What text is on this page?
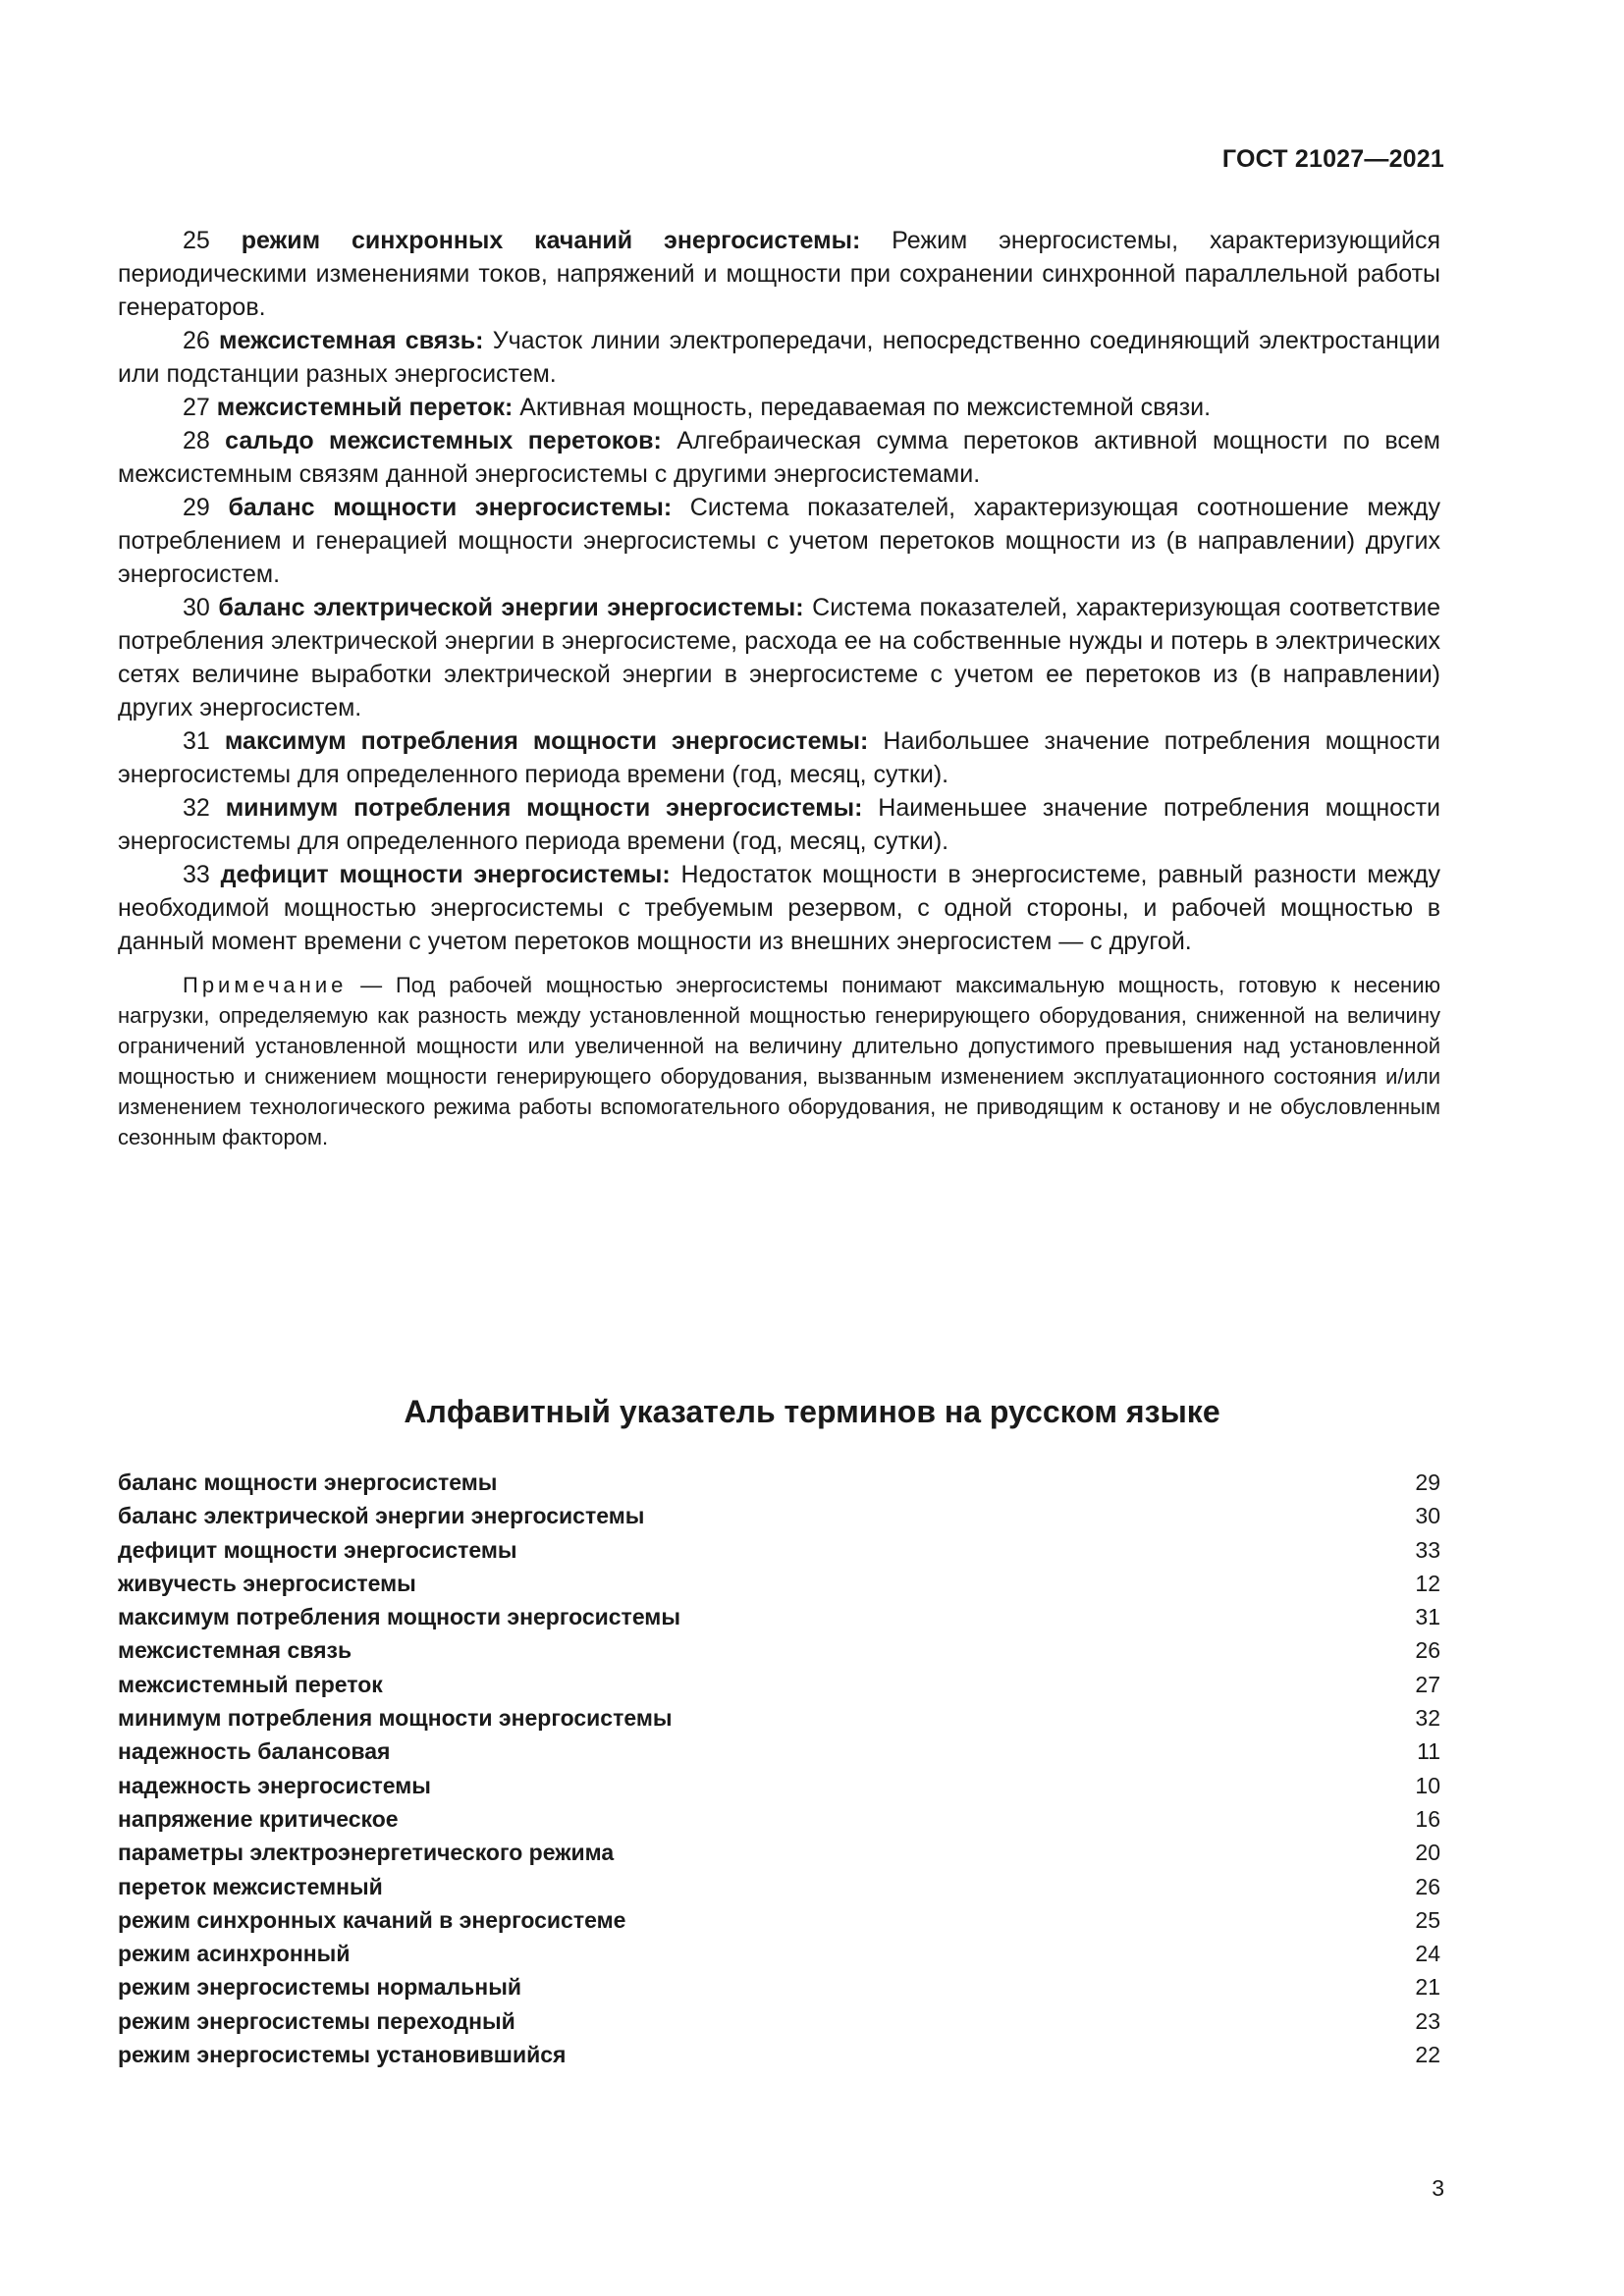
ГОСТ 21027—2021

25 режим синхронных качаний энергосистемы: Режим энергосистемы, характеризующийся периодическими изменениями токов, напряжений и мощности при сохранении синхронной параллельной работы генераторов.

26 межсистемная связь: Участок линии электропередачи, непосредственно соединяющий электростанции или подстанции разных энергосистем.

27 межсистемный переток: Активная мощность, передаваемая по межсистемной связи.

28 сальдо межсистемных перетоков: Алгебраическая сумма перетоков активной мощности по всем межсистемным связям данной энергосистемы с другими энергосистемами.

29 баланс мощности энергосистемы: Система показателей, характеризующая соотношение между потреблением и генерацией мощности энергосистемы с учетом перетоков мощности из (в направлении) других энергосистем.

30 баланс электрической энергии энергосистемы: Система показателей, характеризующая соответствие потребления электрической энергии в энергосистеме, расхода ее на собственные нужды и потерь в электрических сетях величине выработки электрической энергии в энергосистеме с учетом ее перетоков из (в направлении) других энергосистем.

31 максимум потребления мощности энергосистемы: Наибольшее значение потребления мощности энергосистемы для определенного периода времени (год, месяц, сутки).

32 минимум потребления мощности энергосистемы: Наименьшее значение потребления мощности энергосистемы для определенного периода времени (год, месяц, сутки).

33 дефицит мощности энергосистемы: Недостаток мощности в энергосистеме, равный разности между необходимой мощностью энергосистемы с требуемым резервом, с одной стороны, и рабочей мощностью в данный момент времени с учетом перетоков мощности из внешних энергосистем — с другой.

Примечание — Под рабочей мощностью энергосистемы понимают максимальную мощность, готовую к несению нагрузки, определяемую как разность между установленной мощностью генерирующего оборудования, сниженной на величину ограничений установленной мощности или увеличенной на величину длительно допустимого превышения над установленной мощностью и снижением мощности генерирующего оборудования, вызванным изменением эксплуатационного состояния и/или изменением технологического режима работы вспомогательного оборудования, не приводящим к останову и не обусловленным сезонным фактором.

Алфавитный указатель терминов на русском языке
баланс мощности энергосистемы	29
баланс электрической энергии энергосистемы	30
дефицит мощности энергосистемы	33
живучесть энергосистемы	12
максимум потребления мощности энергосистемы	31
межсистемная связь	26
межсистемный переток	27
минимум потребления мощности энергосистемы	32
надежность балансовая	11
надежность энергосистемы	10
напряжение критическое	16
параметры электроэнергетического режима	20
переток межсистемный	26
режим синхронных качаний в энергосистеме	25
режим асинхронный	24
режим энергосистемы нормальный	21
режим энергосистемы переходный	23
режим энергосистемы установившийся	22
3
